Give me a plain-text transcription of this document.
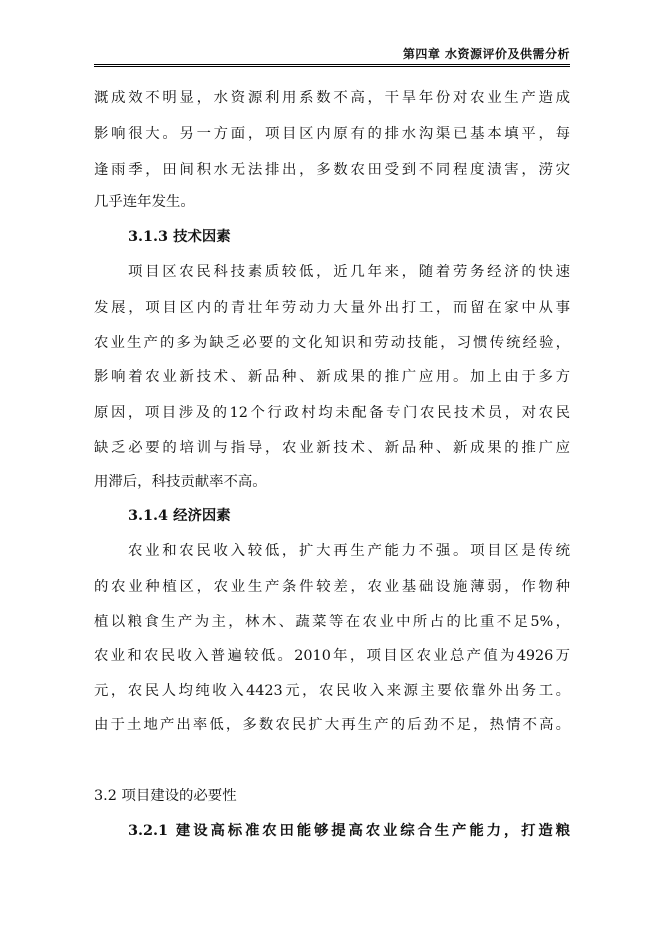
第四章 水资源评价及供需分析
溉成效不明显，水资源利用系数不高，干旱年份对农业生产造成
影响很大。另一方面，项目区内原有的排水沟渠已基本填平，每
逢雨季，田间积水无法排出，多数农田受到不同程度渍害，涝灾
几乎连年发生。
3.1.3 技术因素
项目区农民科技素质较低，近几年来，随着劳务经济的快速
发展，项目区内的青壮年劳动力大量外出打工，而留在家中从事
农业生产的多为缺乏必要的文化知识和劳动技能，习惯传统经验，
影响着农业新技术、新品种、新成果的推广应用。加上由于多方
原因，项目涉及的12个行政村均未配备专门农民技术员，对农民
缺乏必要的培训与指导，农业新技术、新品种、新成果的推广应
用滞后，科技贡献率不高。
3.1.4 经济因素
农业和农民收入较低，扩大再生产能力不强。项目区是传统
的农业种植区，农业生产条件较差，农业基础设施薄弱，作物种
植以粮食生产为主，林木、蔬菜等在农业中所占的比重不足5%，
农业和农民收入普遍较低。2010年，项目区农业总产值为4926万
元，农民人均纯收入4423元，农民收入来源主要依靠外出务工。
由于土地产出率低，多数农民扩大再生产的后劲不足，热情不高。
3.2 项目建设的必要性
3.2.1 建设高标准农田能够提高农业综合生产能力，打造粮
